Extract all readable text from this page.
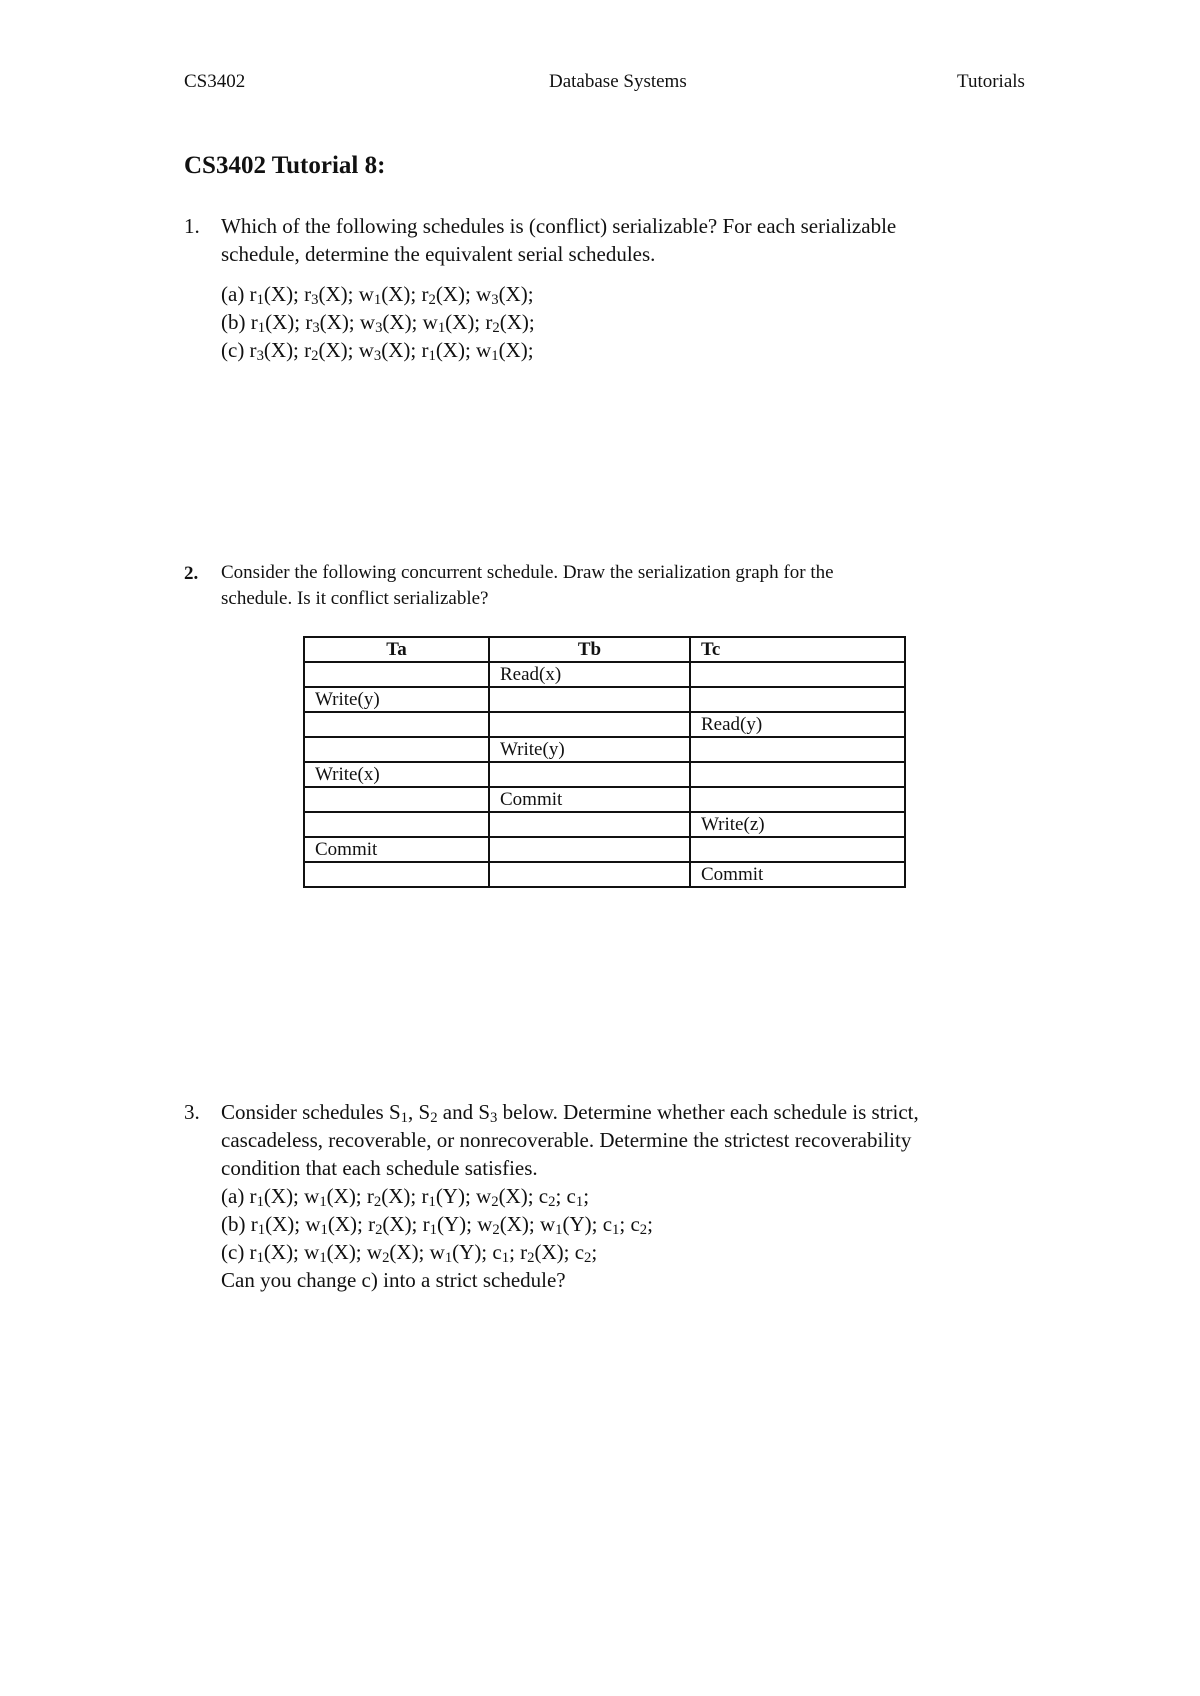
CS3402	Database Systems	Tutorials
CS3402 Tutorial 8:
1. Which of the following schedules is (conflict) serializable? For each serializable
schedule, determine the equivalent serial schedules.
(a) $r_1(X)$; $r_3(X)$; $w_1(X)$; $r_2(X)$; $w_3(X)$;
(b) $r_1(X)$; $r_3(X)$; $w_3(X)$; $w_1(X)$; $r_2(X)$;
(c) $r_3(X)$; $r_2(X)$; $w_3(X)$; $r_1(X)$; $w_1(X)$;
2. Consider the following concurrent schedule. Draw the serialization graph for the
schedule. Is it conflict serializable?
Ta	Tb	Tc
	Read(x)	
Write(y)		
		Read(y)
	Write(y)	
Write(x)		
	Commit	
		Write(z)
Commit		
		Commit
3. Consider schedules $S_1$, $S_2$ and $S_3$ below. Determine whether each schedule is strict,
cascadeless, recoverable, or nonrecoverable. Determine the strictest recoverability
condition that each schedule satisfies.
(a) $r_1(X)$; $w_1(X)$; $r_2(X)$; $r_1(Y)$; $w_2(X)$; $c_2$; $c_1$;
(b) $r_1(X)$; $w_1(X)$; $r_2(X)$; $r_1(Y)$; $w_2(X)$; $w_1(Y)$; $c_1$; $c_2$;
(c) $r_1(X)$; $w_1(X)$; $w_2(X)$; $w_1(Y)$; $c_1$; $r_2(X)$; $c_2$;
Can you change c) into a strict schedule?
